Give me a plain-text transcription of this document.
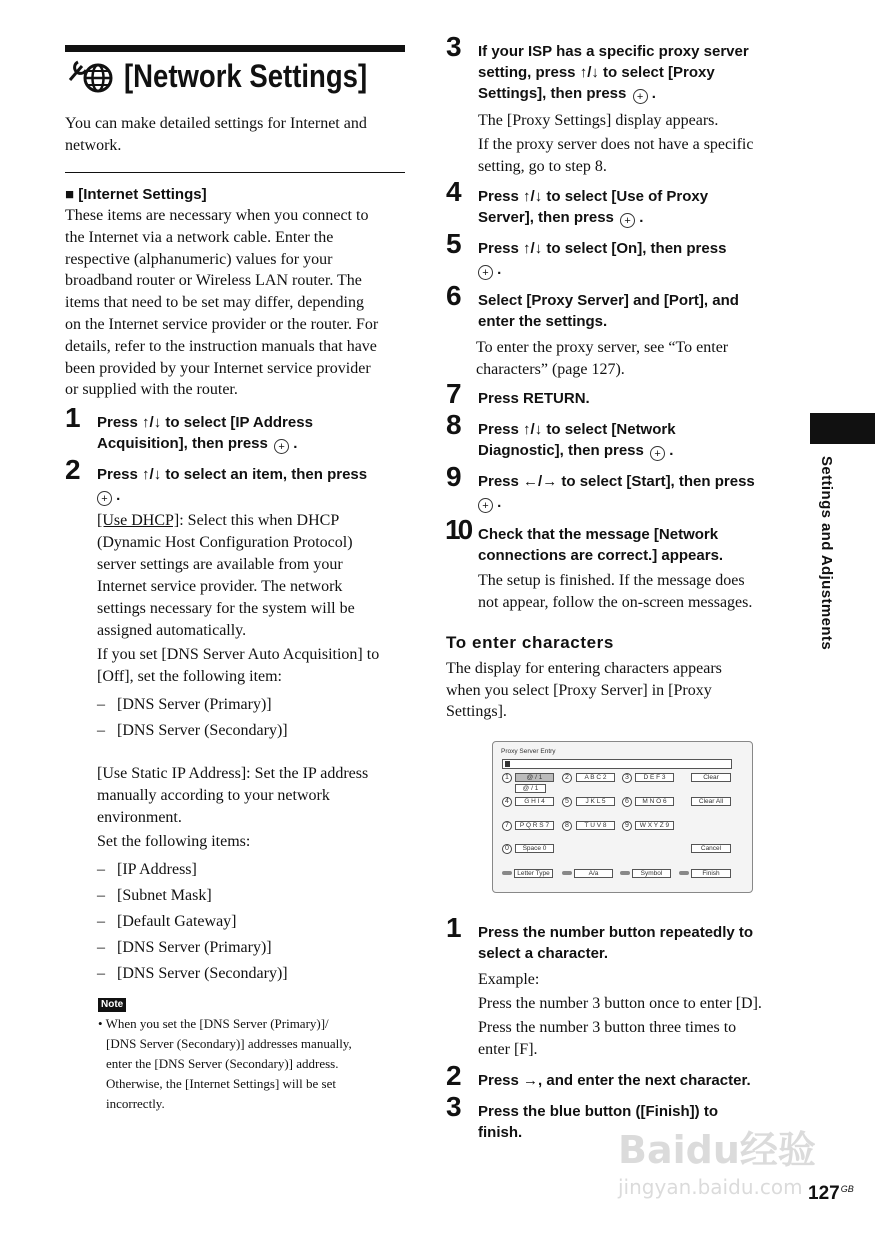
[Network Settings]

You can make detailed settings for Internet and

network.

■ [Internet Settings]

These items are necessary when you connect to

the Internet via a network cable. Enter the

respective (alphanumeric) values for your

broadband router or Wireless LAN router. The

items that need to be set may differ, depending

on the Internet service provider or the router. For

details, refer to the instruction manuals that have

been provided by your Internet service provider

or supplied with the router.

1 Press ↑/↓ to select [IP Address

Acquisition], then press + .

2 Press ↑/↓ to select an item, then press

+ .

[Use DHCP]: Select this when DHCP

(Dynamic Host Configuration Protocol)

server settings are available from your

Internet service provider. The network

settings necessary for the system will be

assigned automatically.

If you set [DNS Server Auto Acquisition] to

[Off], set the following item:

– [DNS Server (Primary)]

– [DNS Server (Secondary)]

[Use Static IP Address]: Set the IP address

manually according to your network

environment.

Set the following items:

– [IP Address]

– [Subnet Mask]

– [Default Gateway]

– [DNS Server (Primary)]

– [DNS Server (Secondary)]

Note

• When you set the [DNS Server (Primary)]/

[DNS Server (Secondary)] addresses manually,

enter the [DNS Server (Secondary)] address.

Otherwise, the [Internet Settings] will be set

incorrectly.

3 If your ISP has a specific proxy server

setting, press ↑/↓ to select [Proxy

Settings], then press + .

The [Proxy Settings] display appears.

If the proxy server does not have a specific

setting, go to step 8.

4 Press ↑/↓ to select [Use of Proxy

Server], then press + .

5 Press ↑/↓ to select [On], then press

+ .

6 Select [Proxy Server] and [Port], and

enter the settings.

To enter the proxy server, see “To enter

characters” (page 127).

7 Press RETURN.
8 Press ↑/↓ to select [Network

Diagnostic], then press + .

9 Press ←/→ to select [Start], then press

+ .

10 Check that the message [Network

connections are correct.] appears.

The setup is finished. If the message does

not appear, follow the on-screen messages.

To enter characters

The display for entering characters appears

when you select [Proxy Server] in [Proxy

Settings].

Proxy Server Entry
1	@ / 1
@ / 1
2	A B C 2	3	D E F 3	Clear
4	G H I 4	5	J K L 5	6	M N O 6	Clear All
7	P Q R S 7	8	T U V 8	9	W X Y Z 9
0	Space 0	Cancel
Letter Type	A/a	Symbol	Finish
1 Press the number button repeatedly to

select a character.

Example:

Press the number 3 button once to enter [D].

Press the number 3 button three times to

enter [F].

2 Press →, and enter the next character.
3 Press the blue button ([Finish]) to

finish.

Settings and Adjustments
Baidu经验
jingyan.baidu.com $127^{GB}$
